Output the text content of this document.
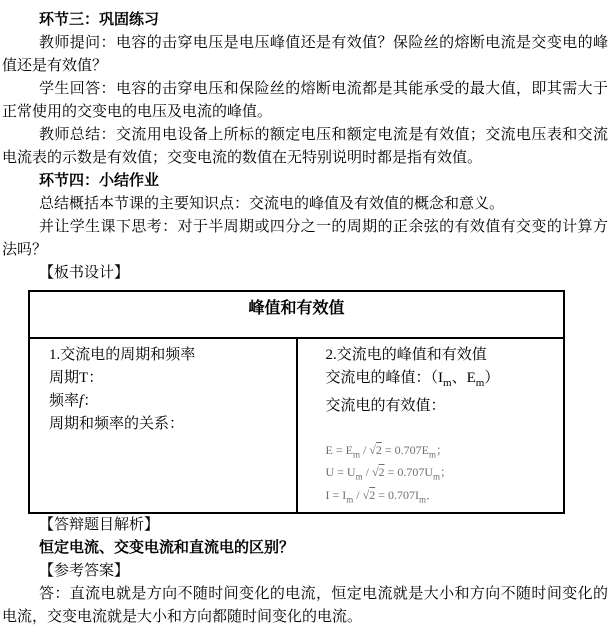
环节三：巩固练习

教师提问：电容的击穿电压是电压峰值还是有效值？保险丝的熔断电流是交变电的峰值还是有效值？

学生回答：电容的击穿电压和保险丝的熔断电流都是其能承受的最大值，即其需大于正常使用的交变电的电压及电流的峰值。

教师总结：交流用电设备上所标的额定电压和额定电流是有效值；交流电压表和交流电流表的示数是有效值；交变电流的数值在无特别说明时都是指有效值。

环节四：小结作业

总结概括本节课的主要知识点：交流电的峰值及有效值的概念和意义。

并让学生课下思考：对于半周期或四分之一的周期的正余弦的有效值有交变的计算方法吗？

【板书设计】

峰值和有效值

1.交流电的周期和频率
周期T：
频率f：
周期和频率的关系：

2.交流电的峰值和有效值
交流电的峰值：（$I_m$、$E_m$）
交流电的有效值：
$E = E_m / √2 = 0.707E_m$；
$U = U_m / √2 = 0.707U_m$；
$I = I_m / √2 = 0.707I_m$．

【答辩题目解析】

恒定电流、交变电流和直流电的区别？

【参考答案】

答：直流电就是方向不随时间变化的电流，恒定电流就是大小和方向不随时间变化的电流，交变电流就是大小和方向都随时间变化的电流。
